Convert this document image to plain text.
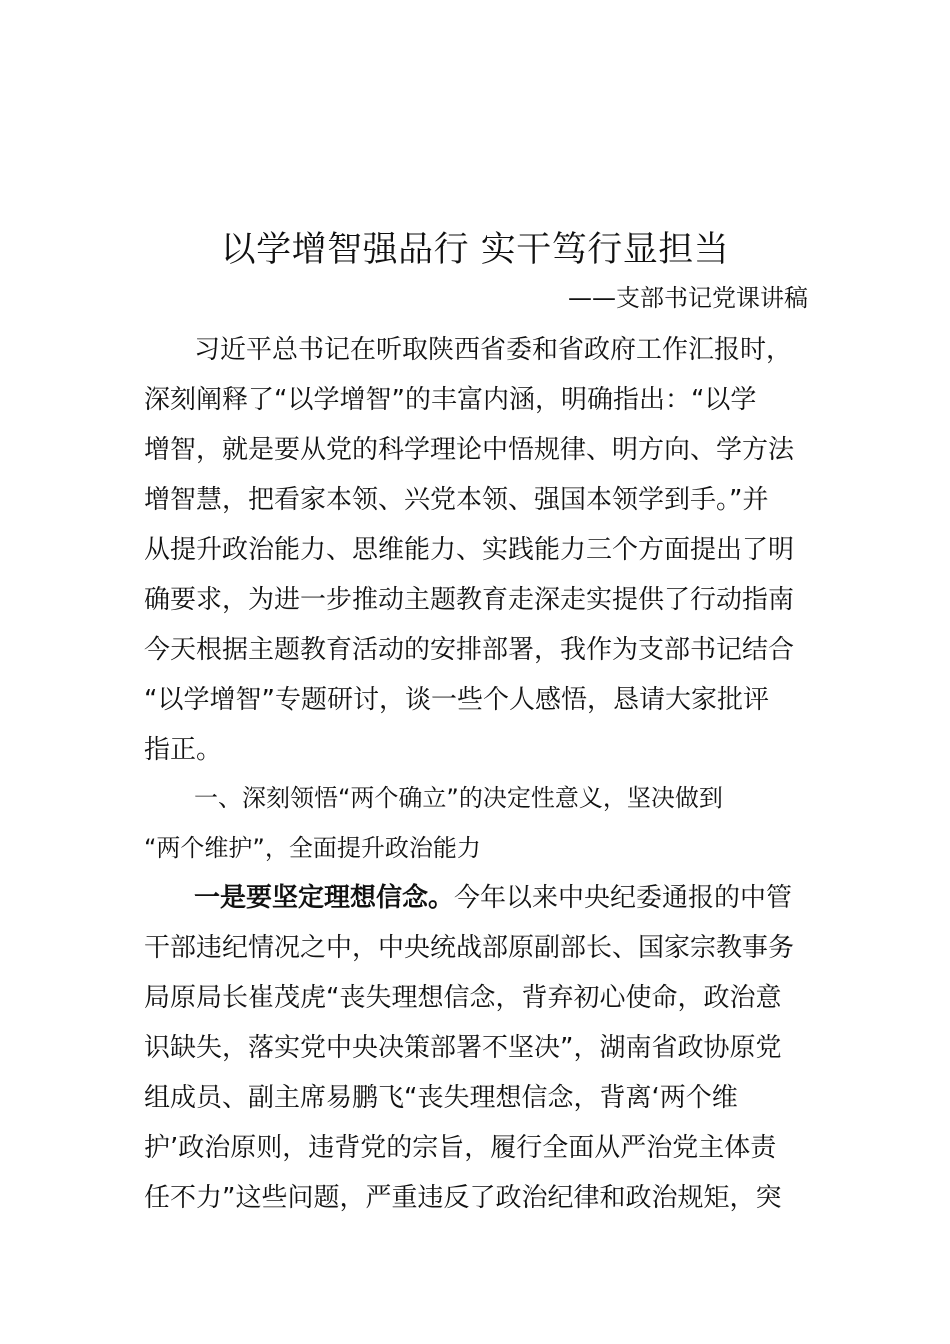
以学增智强品行 实干笃行显担当
——支部书记党课讲稿
习近平总书记在听取陕西省委和省政府工作汇报时，
深刻阐释了“以学增智”的丰富内涵，明确指出：“以学
增智，就是要从党的科学理论中悟规律、明方向、学方法
增智慧，把看家本领、兴党本领、强国本领学到手。”并
从提升政治能力、思维能力、实践能力三个方面提出了明
确要求，为进一步推动主题教育走深走实提供了行动指南
今天根据主题教育活动的安排部署，我作为支部书记结合
“以学增智”专题研讨，谈一些个人感悟，恳请大家批评
指正。
一、深刻领悟“两个确立”的决定性意义，坚决做到
“两个维护”，全面提升政治能力
一是要坚定理想信念。今年以来中央纪委通报的中管
干部违纪情况之中，中央统战部原副部长、国家宗教事务
局原局长崔茂虎“丧失理想信念，背弃初心使命，政治意
识缺失，落实党中央决策部署不坚决”，湖南省政协原党
组成员、副主席易鹏飞“丧失理想信念，背离‘两个维
护’政治原则，违背党的宗旨，履行全面从严治党主体责
任不力”这些问题，严重违反了政治纪律和政治规矩，突
